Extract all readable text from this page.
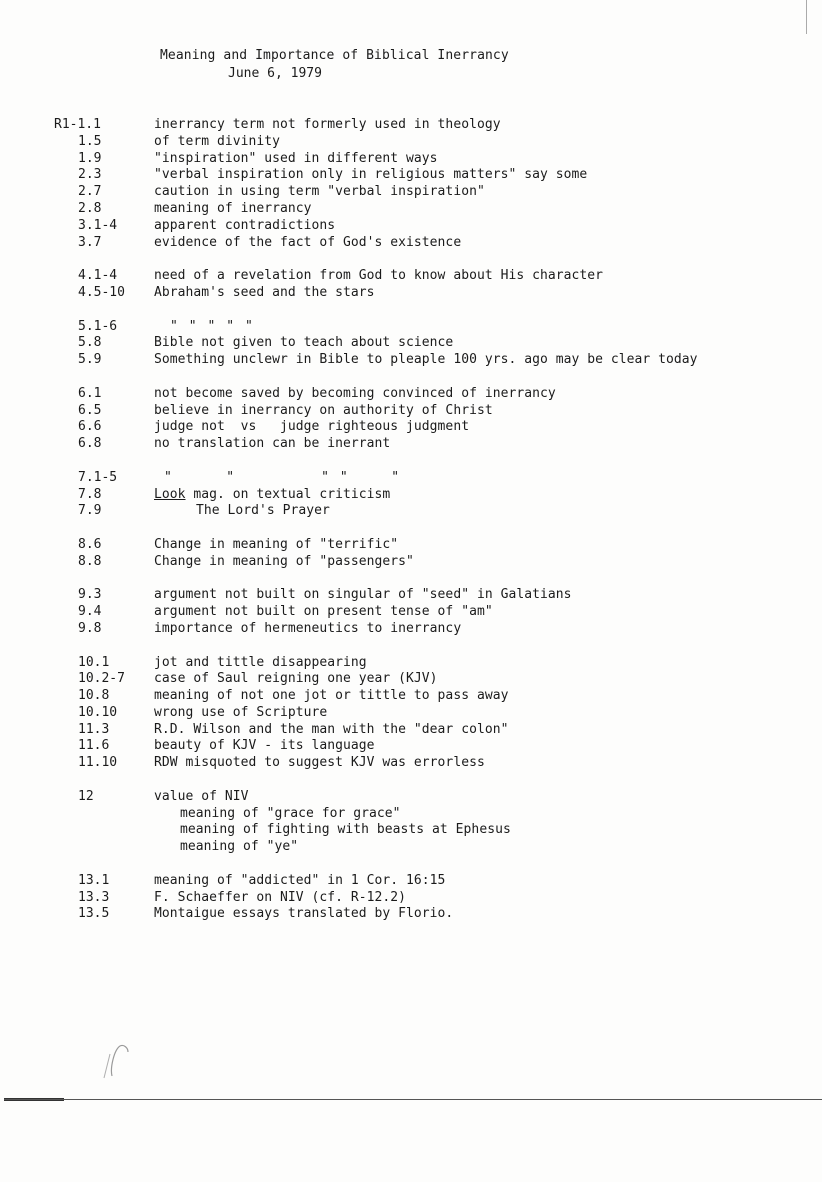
Meaning and Importance of Biblical Inerrancy
June 6, 1979
R1-1.1	inerrancy term not formerly used in theology
1.5	of term divinity
1.9	"inspiration" used in different ways
2.3	"verbal inspiration only in religious matters" say some
2.7	caution in using term "verbal inspiration"
2.8	meaning of inerrancy
3.1-4	apparent contradictions
3.7	evidence of the fact of God's existence
4.1-4	need of a revelation from God to know about His character
4.5-10 Abraham's seed and the stars
5.1-6	" " " " "
5.8	Bible not given to teach about science
5.9	Something unclewr in Bible to pleaple 100 yrs. ago may be clear today
6.1	not become saved by becoming convinced of inerrancy
6.5	believe in inerrancy on authority of Christ
6.6	judge not  vs   judge righteous judgment
6.8	no translation can be inerrant
7.1-5	"     "        " "    "
7.8	Look mag. on textual criticism
7.9	The Lord's Prayer
8.6	Change in meaning of "terrific"
8.8	Change in meaning of "passengers"
9.3	argument not built on singular of "seed" in Galatians
9.4	argument not built on present tense of "am"
9.8	importance of hermeneutics to inerrancy
10.1	jot and tittle disappearing
10.2-7 case of Saul reigning one year (KJV)
10.8	meaning of not one jot or tittle to pass away
10.10	wrong use of Scripture
11.3	R.D. Wilson and the man with the "dear colon"
11.6	beauty of KJV - its language
11.10	RDW misquoted to suggest KJV was errorless
12	value of NIV
meaning of "grace for grace"
meaning of fighting with beasts at Ephesus
meaning of "ye"
13.1	meaning of "addicted" in 1 Cor. 16:15
13.3	F. Schaeffer on NIV (cf. R-12.2)
13.5	Montaigue essays translated by Florio.
